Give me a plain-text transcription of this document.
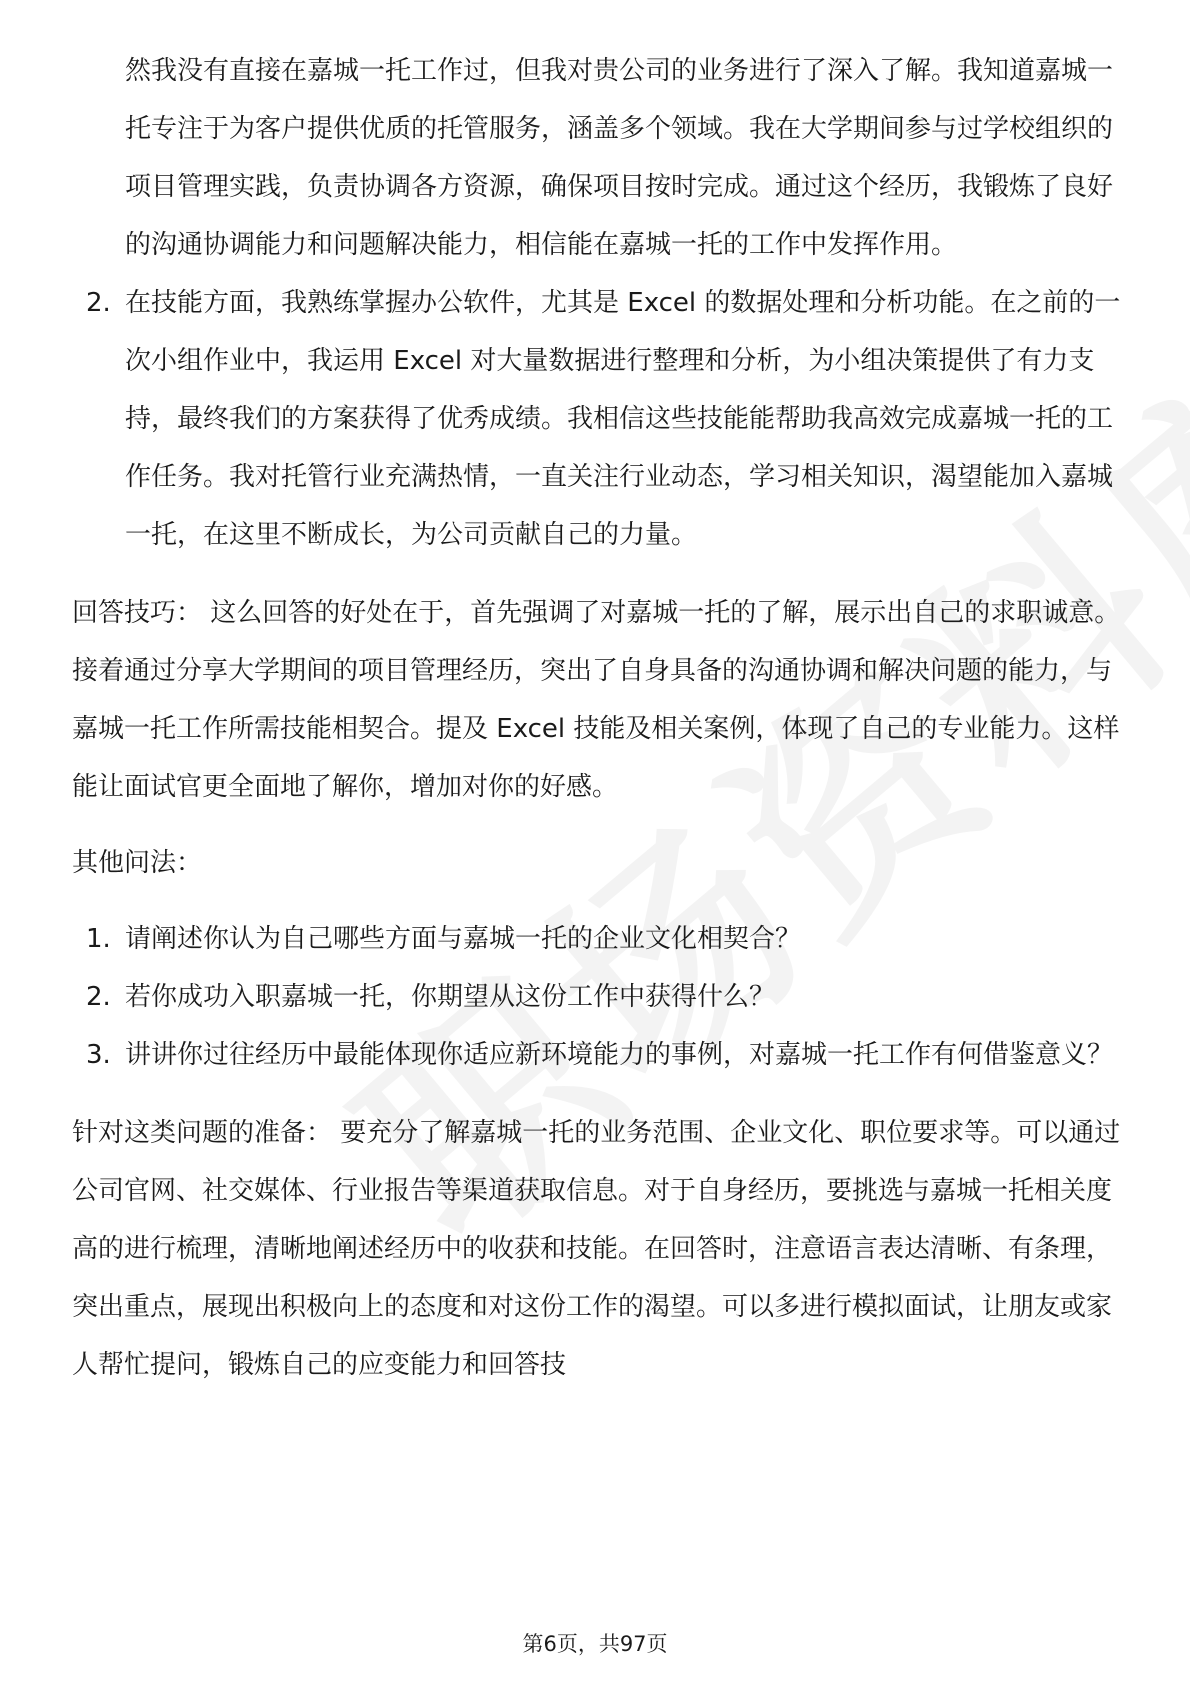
然我没有直接在嘉城一托工作过，但我对贵公司的业务进行了深入了解。我知道嘉城一托专注于为客户提供优质的托管服务，涵盖多个领域。我在大学期间参与过学校组织的项目管理实践，负责协调各方资源，确保项目按时完成。通过这个经历，我锻炼了良好的沟通协调能力和问题解决能力，相信能在嘉城一托的工作中发挥作用。

2. 在技能方面，我熟练掌握办公软件，尤其是 Excel 的数据处理和分析功能。在之前的一次小组作业中，我运用 Excel 对大量数据进行整理和分析，为小组决策提供了有力支持，最终我们的方案获得了优秀成绩。我相信这些技能能帮助我高效完成嘉城一托的工作任务。我对托管行业充满热情，一直关注行业动态，学习相关知识，渴望能加入嘉城一托，在这里不断成长，为公司贡献自己的力量。

回答技巧： 这么回答的好处在于，首先强调了对嘉城一托的了解，展示出自己的求职诚意。接着通过分享大学期间的项目管理经历，突出了自身具备的沟通协调和解决问题的能力，与嘉城一托工作所需技能相契合。提及 Excel 技能及相关案例，体现了自己的专业能力。这样能让面试官更全面地了解你，增加对你的好感。

其他问法：

1. 请阐述你认为自己哪些方面与嘉城一托的企业文化相契合？
2. 若你成功入职嘉城一托，你期望从这份工作中获得什么？
3. 讲讲你过往经历中最能体现你适应新环境能力的事例，对嘉城一托工作有何借鉴意义？

针对这类问题的准备： 要充分了解嘉城一托的业务范围、企业文化、职位要求等。可以通过公司官网、社交媒体、行业报告等渠道获取信息。对于自身经历，要挑选与嘉城一托相关度高的进行梳理，清晰地阐述经历中的收获和技能。在回答时，注意语言表达清晰、有条理，突出重点，展现出积极向上的态度和对这份工作的渴望。可以多进行模拟面试，让朋友或家人帮忙提问，锻炼自己的应变能力和回答技

第6页，共97页
